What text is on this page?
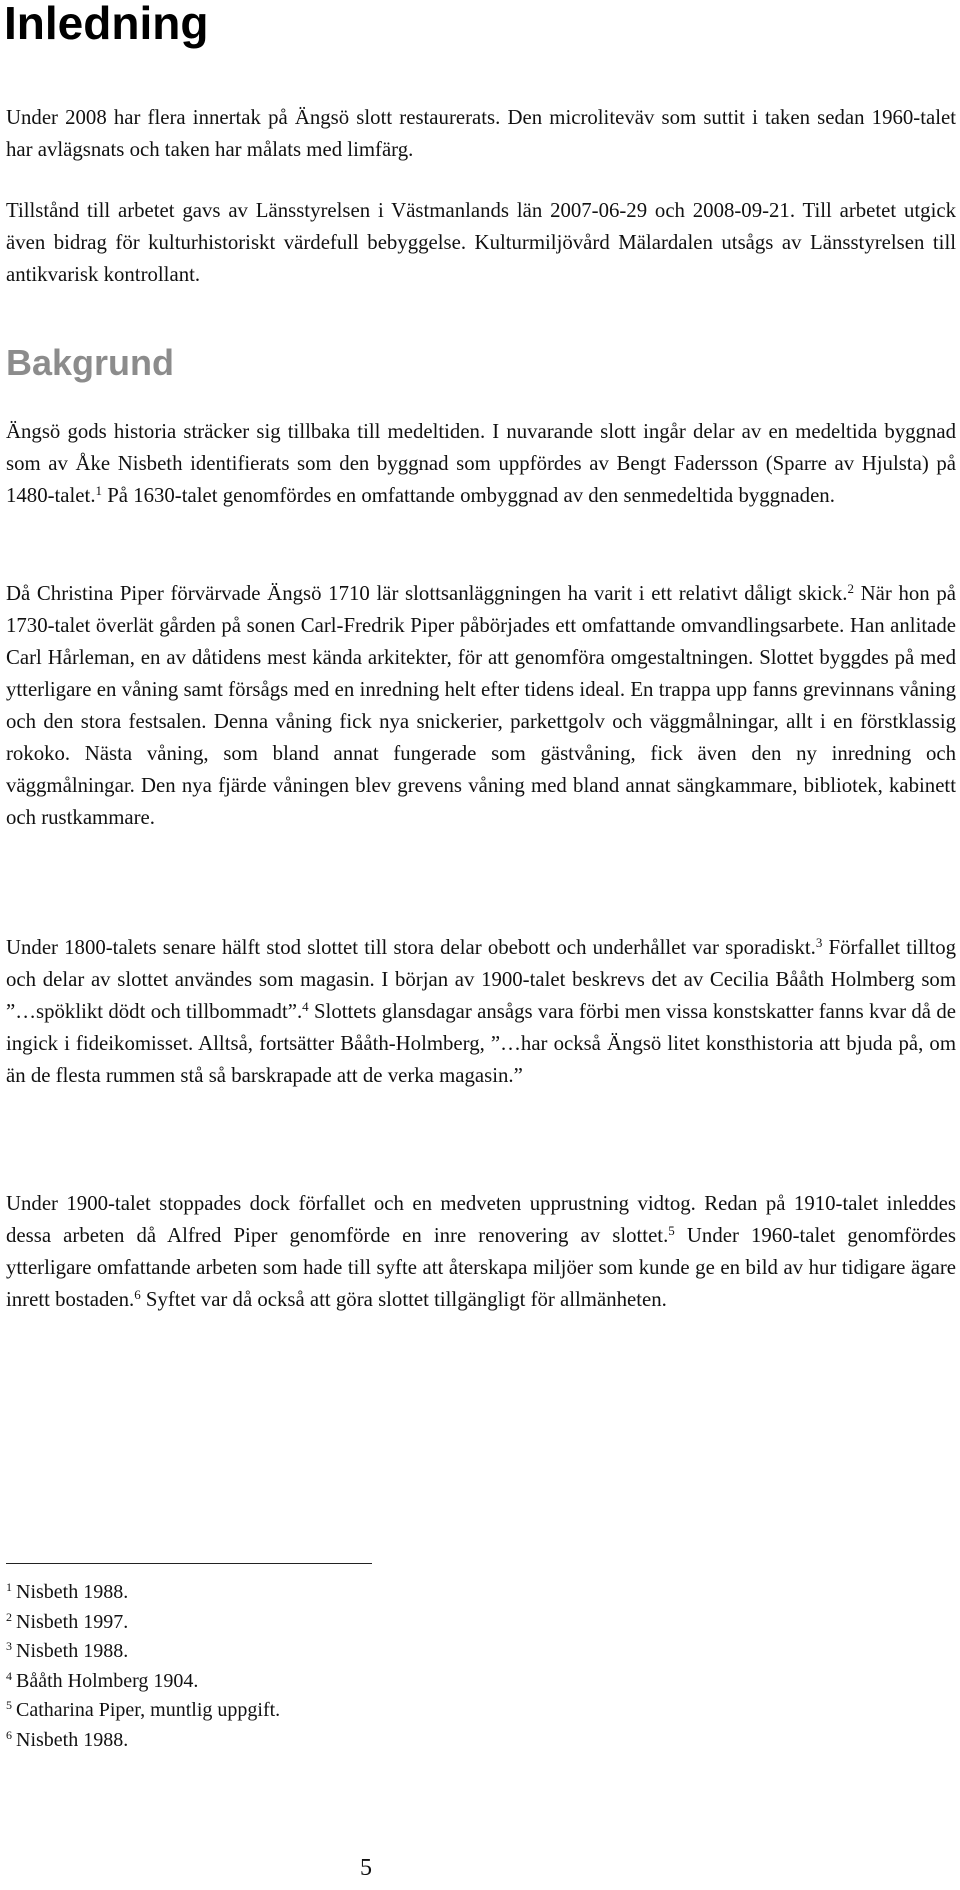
Inledning

Under 2008 har flera innertak på Ängsö slott restaurerats. Den microliteväv som suttit i taken sedan 1960-talet har avlägsnats och taken har målats med limfärg.

Tillstånd till arbetet gavs av Länsstyrelsen i Västmanlands län 2007-06-29 och 2008-09-21. Till arbetet utgick även bidrag för kulturhistoriskt värdefull bebyggelse. Kulturmiljövård Mälardalen utsågs av Länsstyrelsen till antikvarisk kontrollant.

Bakgrund

Ängsö gods historia sträcker sig tillbaka till medeltiden. I nuvarande slott ingår delar av en medeltida byggnad som av Åke Nisbeth identifierats som den byggnad som uppfördes av Bengt Fadersson (Sparre av Hjulsta) på 1480-talet.$^1$ På 1630-talet genomfördes en omfattande ombyggnad av den senmedeltida byggnaden.

Då Christina Piper förvärvade Ängsö 1710 lär slottsanläggningen ha varit i ett relativt dåligt skick.$^2$ När hon på 1730-talet överlät gården på sonen Carl-Fredrik Piper påbörjades ett omfattande omvandlingsarbete. Han anlitade Carl Hårleman, en av dåtidens mest kända arkitekter, för att genomföra omgestaltningen. Slottet byggdes på med ytterligare en våning samt försågs med en inredning helt efter tidens ideal. En trappa upp fanns grevinnans våning och den stora festsalen. Denna våning fick nya snickerier, parkettgolv och väggmålningar, allt i en förstklassig rokoko. Nästa våning, som bland annat fungerade som gästvåning, fick även den ny inredning och väggmålningar. Den nya fjärde våningen blev grevens våning med bland annat sängkammare, bibliotek, kabinett och rustkammare.

Under 1800-talets senare hälft stod slottet till stora delar obebott och underhållet var sporadiskt.$^3$ Förfallet tilltog och delar av slottet användes som magasin. I början av 1900-talet beskrevs det av Cecilia Bååth Holmberg som ”…spöklikt dödt och tillbommadt”.$^4$ Slottets glansdagar ansågs vara förbi men vissa konstskatter fanns kvar då de ingick i fideikomisset. Alltså, fortsätter Bååth-Holmberg, ”…har också Ängsö litet konsthistoria att bjuda på, om än de flesta rummen stå så barskrapade att de verka magasin.”

Under 1900-talet stoppades dock förfallet och en medveten upprustning vidtog. Redan på 1910-talet inleddes dessa arbeten då Alfred Piper genomförde en inre renovering av slottet.$^5$ Under 1960-talet genomfördes ytterligare omfattande arbeten som hade till syfte att återskapa miljöer som kunde ge en bild av hur tidigare ägare inrett bostaden.$^6$ Syftet var då också att göra slottet tillgängligt för allmänheten.

$^1$ Nisbeth 1988.
$^2$ Nisbeth 1997.
$^3$ Nisbeth 1988.
$^4$ Bååth Holmberg 1904.
$^5$ Catharina Piper, muntlig uppgift.
$^6$ Nisbeth 1988.
5
